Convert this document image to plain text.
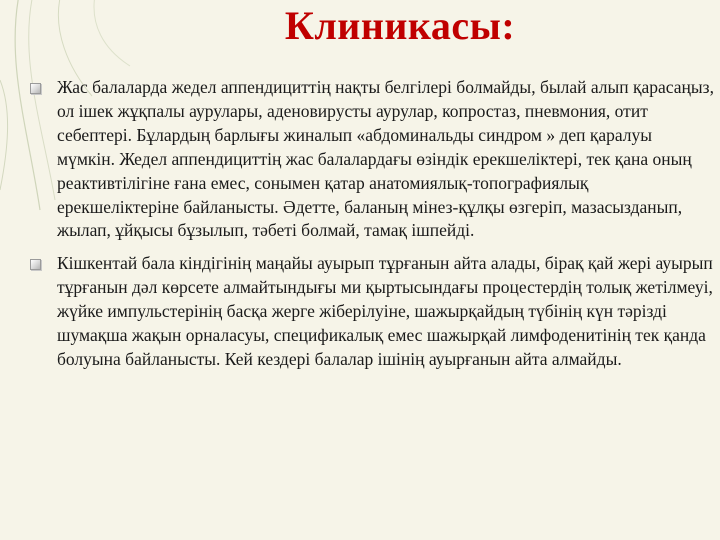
Клиникасы:
Жас балаларда жедел аппендициттің нақты белгілері болмайды, былай алып қарасаңыз, ол ішек жұқпалы аурулары, аденовирусты аурулар, копростаз, пневмония, отит себептері. Бұлардың барлығы жиналып «абдоминальды синдром » деп қаралуы мүмкін. Жедел аппендициттің жас балалардағы өзіндік ерекшеліктері, тек қана оның реактивтілігіне ғана емес, сонымен қатар анатомиялық-топографиялық ерекшеліктеріне байланысты. Әдетте, баланың мінез-құлқы өзгеріп, мазасызданып, жылап, ұйқысы бұзылып, тәбеті болмай, тамақ ішпейді.
Кішкентай бала кіндігінің маңайы ауырып тұрғанын айта алады, бірақ қай жері ауырып тұрғанын дәл көрсете алмайтындығы ми қыртысындағы процестердің толық жетілмеуі, жүйке импульстерінің басқа жерге жіберілуіне, шажырқайдың түбінің күн тәрізді шумақша жақын орналасуы, спецификалық емес шажырқай лимфоденитінің тек қанда болуына байланысты. Кей кездері балалар ішінің ауырғанын айта алмайды.
